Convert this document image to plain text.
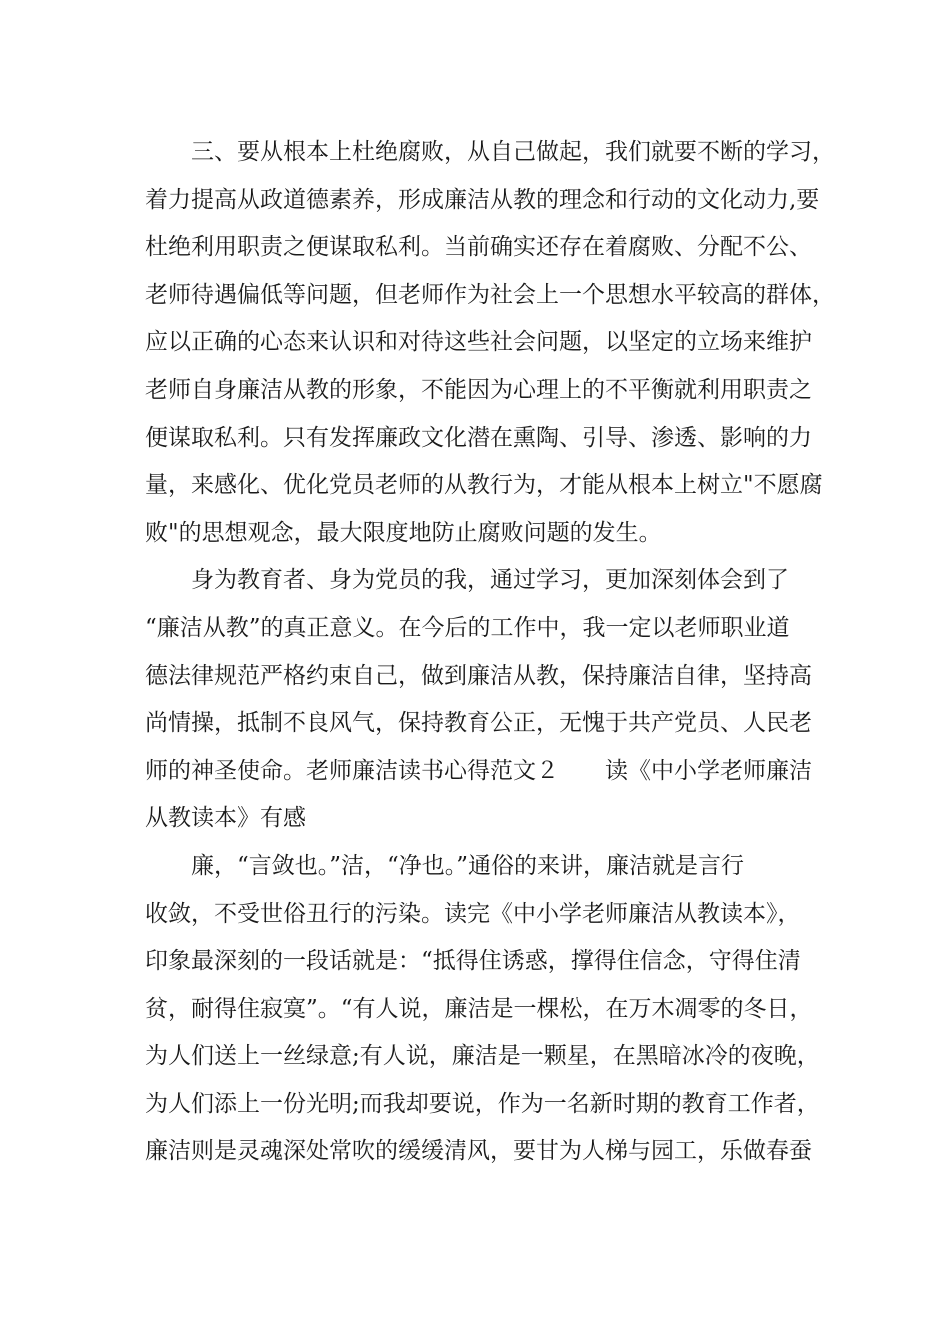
三、要从根本上杜绝腐败，从自己做起，我们就要不断的学习，
着力提高从政道德素养，形成廉洁从教的理念和行动的文化动力,要
杜绝利用职责之便谋取私利。当前确实还存在着腐败、分配不公、
老师待遇偏低等问题，但老师作为社会上一个思想水平较高的群体，
应以正确的心态来认识和对待这些社会问题，以坚定的立场来维护
老师自身廉洁从教的形象，不能因为心理上的不平衡就利用职责之
便谋取私利。只有发挥廉政文化潜在熏陶、引导、渗透、影响的力
量，来感化、优化党员老师的从教行为，才能从根本上树立"不愿腐
败"的思想观念，最大限度地防止腐败问题的发生。
身为教育者、身为党员的我，通过学习，更加深刻体会到了
“廉洁从教”的真正意义。在今后的工作中，我一定以老师职业道
德法律规范严格约束自己，做到廉洁从教，保持廉洁自律，坚持高
尚情操，抵制不良风气，保持教育公正，无愧于共产党员、人民老
师的神圣使命。老师廉洁读书心得范文２　　读《中小学老师廉洁
从教读本》有感
廉，“言敛也。”洁，“净也。”通俗的来讲，廉洁就是言行
收敛，不受世俗丑行的污染。读完《中小学老师廉洁从教读本》，
印象最深刻的一段话就是：“抵得住诱惑，撑得住信念，守得住清
贫，耐得住寂寞”。“有人说，廉洁是一棵松，在万木凋零的冬日，
为人们送上一丝绿意;有人说，廉洁是一颗星，在黑暗冰冷的夜晚，
为人们添上一份光明;而我却要说，作为一名新时期的教育工作者，
廉洁则是灵魂深处常吹的缓缓清风，要甘为人梯与园工，乐做春蚕
